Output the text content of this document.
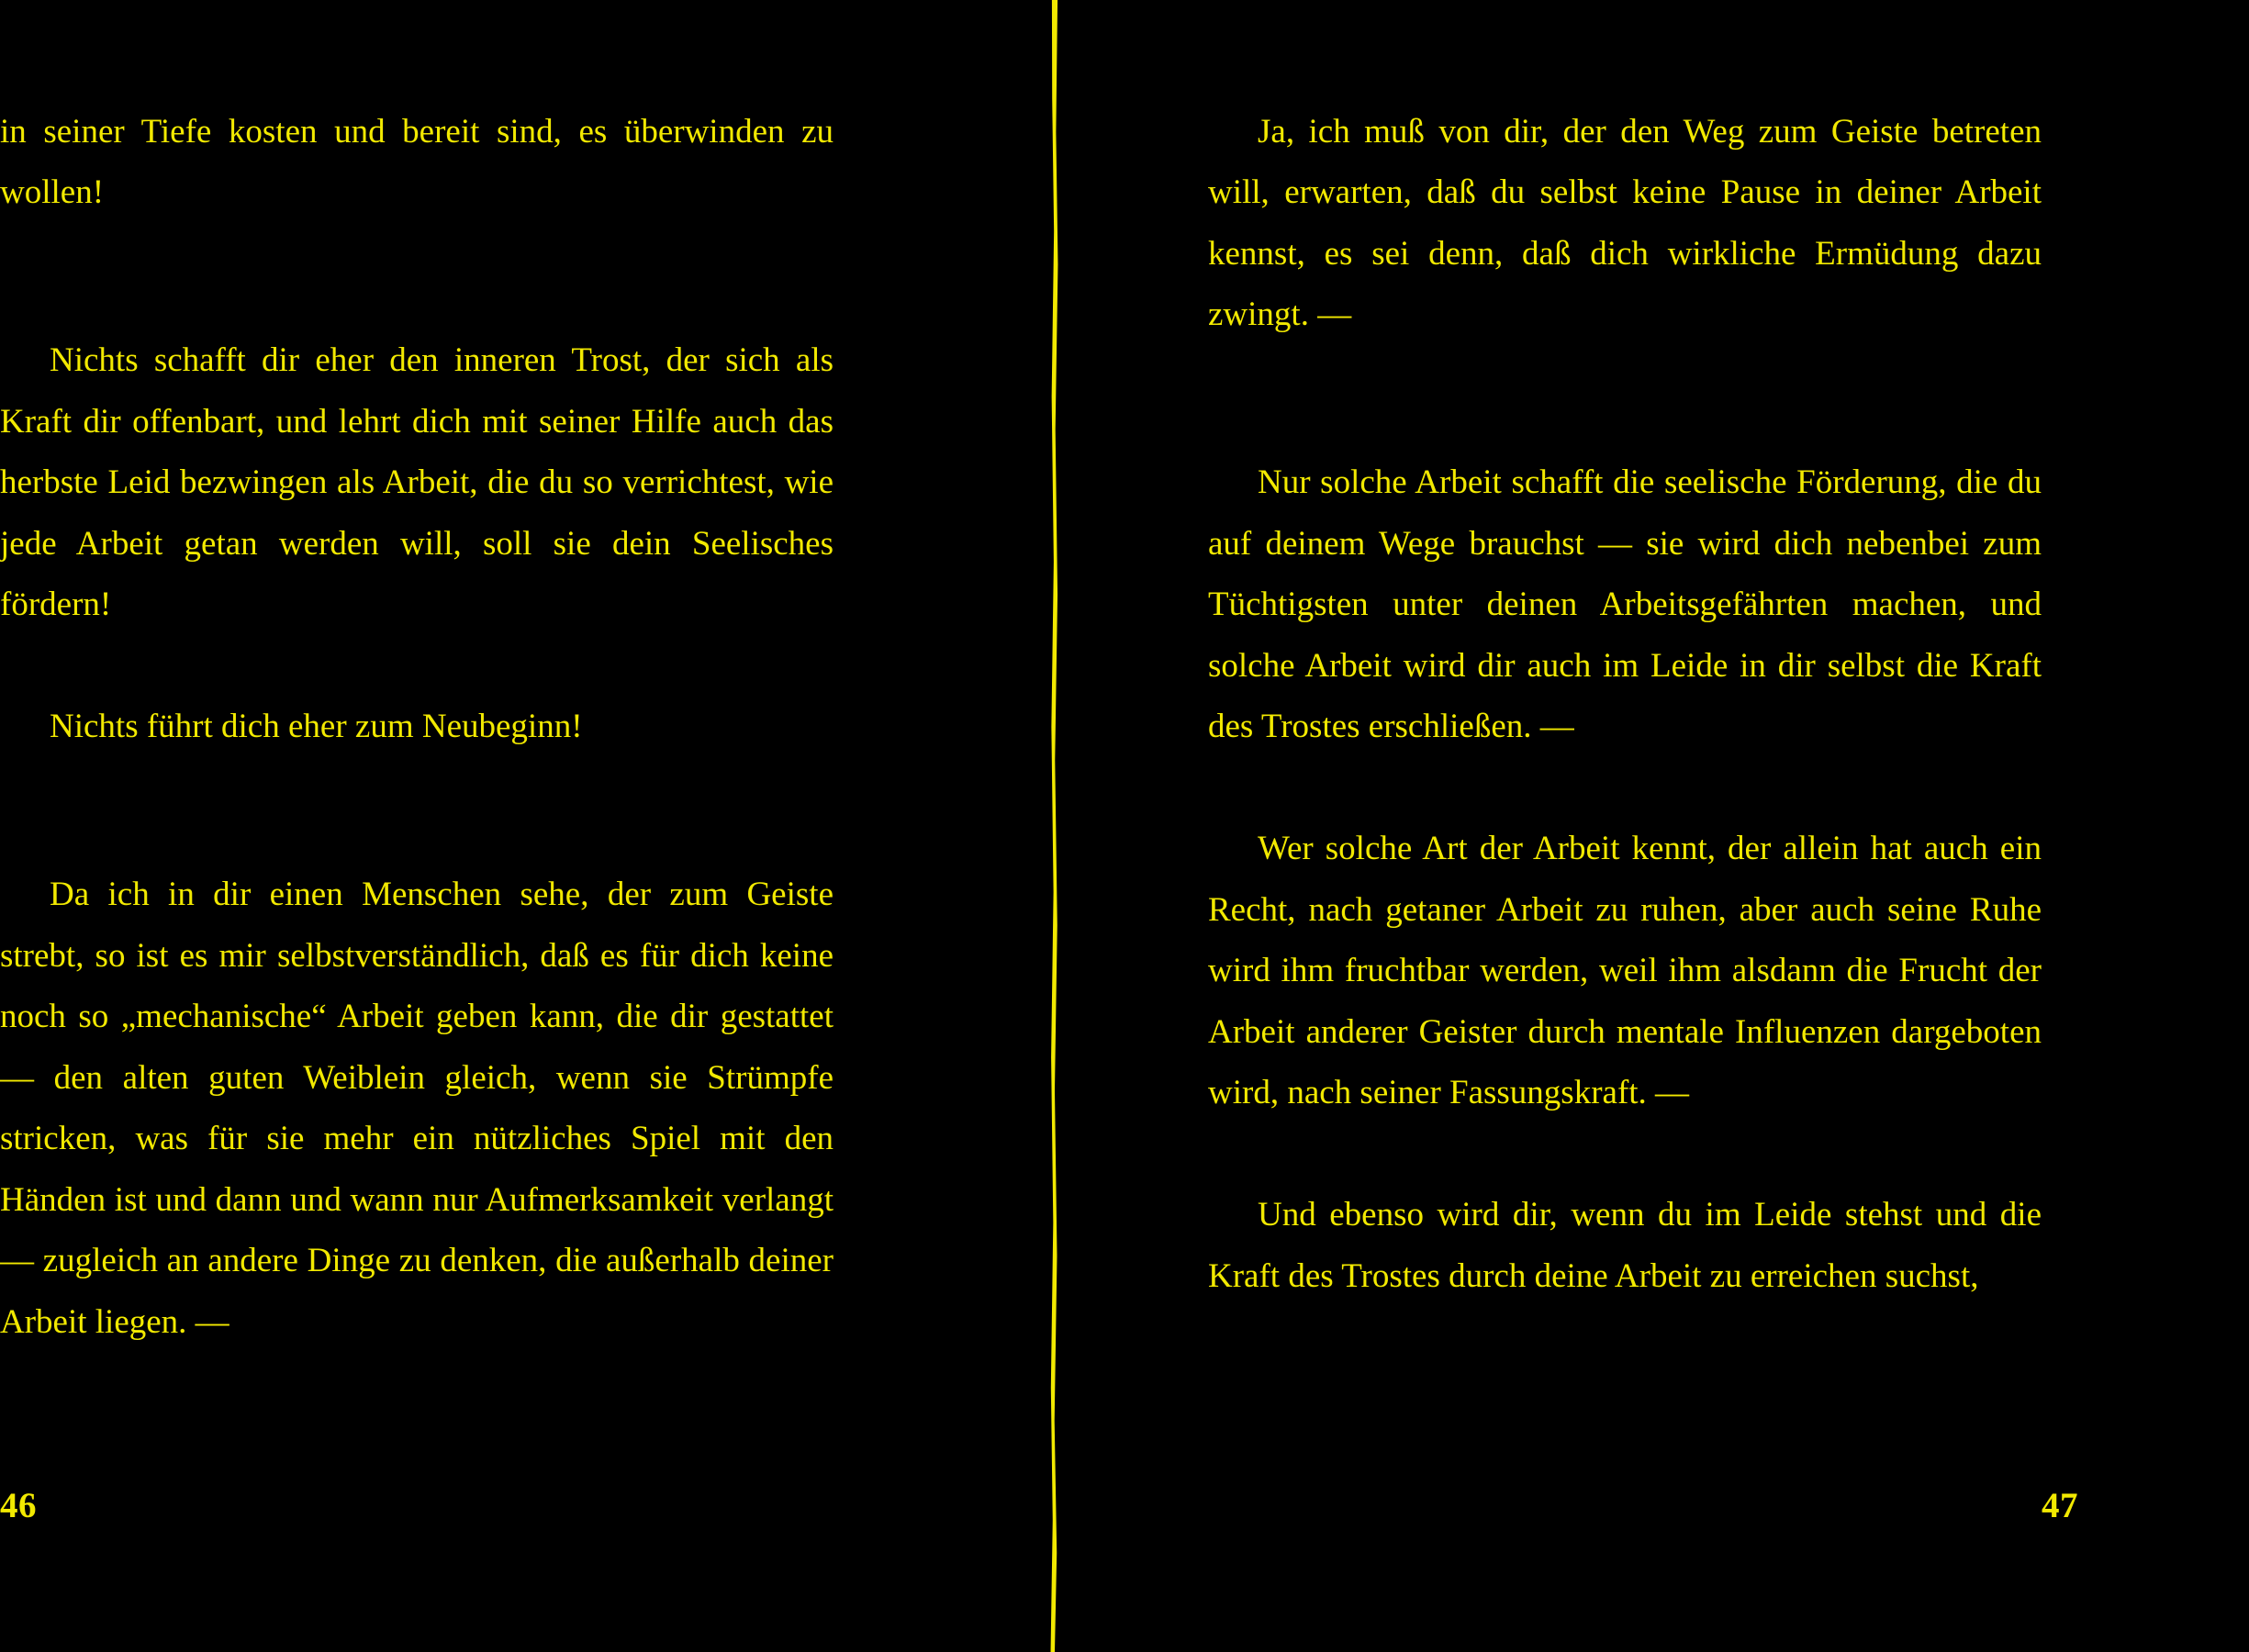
in seiner Tiefe kosten und bereit sind, es überwinden zu wollen!

Nichts schafft dir eher den inneren Trost, der sich als Kraft dir offenbart, und lehrt dich mit seiner Hilfe auch das herbste Leid bezwingen als Arbeit, die du so verrichtest, wie jede Arbeit getan werden will, soll sie dein Seelisches fördern!

Nichts führt dich eher zum Neubeginn!

Da ich in dir einen Menschen sehe, der zum Geiste strebt, so ist es mir selbstverständlich, daß es für dich keine noch so „mechanische“ Arbeit geben kann, die dir gestattet — den alten guten Weiblein gleich, wenn sie Strümpfe stricken, was für sie mehr ein nützliches Spiel mit den Händen ist und dann und wann nur Aufmerksamkeit verlangt — zugleich an andere Dinge zu denken, die außerhalb deiner Arbeit liegen. —

46

Ja, ich muß von dir, der den Weg zum Geiste betreten will, erwarten, daß du selbst keine Pause in deiner Arbeit kennst, es sei denn, daß dich wirkliche Ermüdung dazu zwingt. —

Nur solche Arbeit schafft die seelische Förderung, die du auf deinem Wege brauchst — sie wird dich nebenbei zum Tüchtigsten unter deinen Arbeitsgefährten machen, und solche Arbeit wird dir auch im Leide in dir selbst die Kraft des Trostes erschließen. —

Wer solche Art der Arbeit kennt, der allein hat auch ein Recht, nach getaner Arbeit zu ruhen, aber auch seine Ruhe wird ihm fruchtbar werden, weil ihm alsdann die Frucht der Arbeit anderer Geister durch mentale Influenzen dargeboten wird, nach seiner Fassungskraft. —

Und ebenso wird dir, wenn du im Leide stehst und die Kraft des Trostes durch deine Arbeit zu erreichen suchst,

47
